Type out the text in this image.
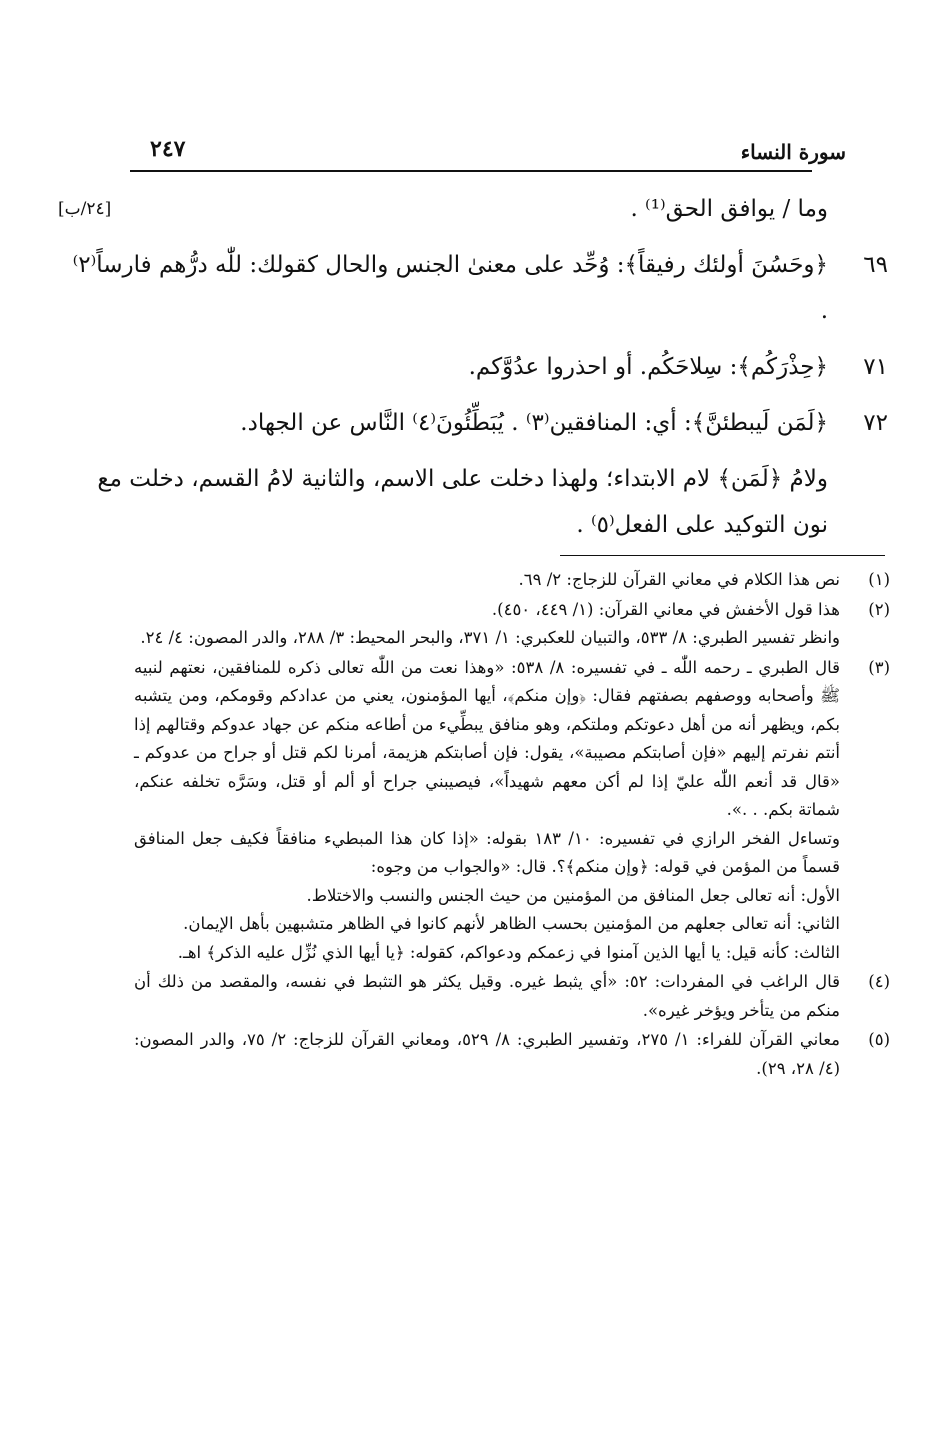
سورة النساء
٢٤٧
[٢٤/ب]	وما / يوافق الحق⁽¹⁾ .
٦٩
﴿وحَسُنَ أولئك رفيقاً﴾: وُحِّد على معنىٰ الجنس والحال كقولك: للّٰه درُّهم فارساً⁽٢⁾ .
٧١
﴿حِذْرَكُم﴾: سِلاحَكُم. أو احذروا عدُوَّكم.
٧٢
﴿لَمَن لَيبطئنَّ﴾: أي: المنافقين⁽٣⁾ . يُبَطِّئُونَ⁽٤⁾ النَّاس عن الجهاد.
ولامُ ﴿لَمَن﴾ لام الابتداء؛ ولهذا دخلت على الاسم، والثانية لامُ القسم، دخلت مع نون التوكيد على الفعل⁽٥⁾ .
(١)
نص هذا الكلام في معاني القرآن للزجاج: ٢/ ٦٩.
(٢)
هذا قول الأخفش في معاني القرآن: (١/ ٤٤٩، ٤٥٠).
وانظر تفسير الطبري: ٨/ ٥٣٣، والتبيان للعكبري: ١/ ٣٧١، والبحر المحيط: ٣/ ٢٨٨، والدر المصون: ٤/ ٢٤.
(٣)
قال الطبري ـ رحمه اللّٰه ـ في تفسيره: ٨/ ٥٣٨: «وهذا نعت من اللّٰه تعالى ذكره للمنافقين، نعتهم لنبيه ﷺ وأصحابه ووصفهم بصفتهم فقال: ﴿وإن منكم﴾، أيها المؤمنون، يعني من عدادكم وقومكم، ومن يتشبه بكم، ويظهر أنه من أهل دعوتكم وملتكم، وهو منافق يبطِّيء من أطاعه منكم عن جهاد عدوكم وقتالهم إذا أنتم نفرتم إليهم «فإن أصابتكم مصيبة»، يقول: فإن أصابتكم هزيمة، أمرنا لكم قتل أو جراح من عدوكم ـ «قال قد أنعم اللّٰه عليّ إذا لم أكن معهم شهيداً»، فيصيبني جراح أو ألم أو قتل، وسَرَّه تخلفه عنكم، شماتة بكم. . .».
وتساءل الفخر الرازي في تفسيره: ١٠/ ١٨٣ بقوله: «إذا كان هذا المبطيء منافقاً فكيف جعل المنافق قسماً من المؤمن في قوله: ﴿وإن منكم﴾؟. قال: «والجواب من وجوه:
الأول: أنه تعالى جعل المنافق من المؤمنين من حيث الجنس والنسب والاختلاط.
الثاني: أنه تعالى جعلهم من المؤمنين بحسب الظاهر لأنهم كانوا في الظاهر متشبهين بأهل الإيمان.
الثالث: كأنه قيل: يا أيها الذين آمنوا في زعمكم ودعواكم، كقوله: ﴿يا أيها الذي نُزِّل عليه الذكر﴾ اهـ.
(٤)
قال الراغب في المفردات: ٥٢: «أي يثبط غيره. وقيل يكثر هو التثبط في نفسه، والمقصد من ذلك أن منكم من يتأخر ويؤخر غيره».
(٥)
معاني القرآن للفراء: ١/ ٢٧٥، وتفسير الطبري: ٨/ ٥٢٩، ومعاني القرآن للزجاج: ٢/ ٧٥، والدر المصون: (٤/ ٢٨، ٢٩).
